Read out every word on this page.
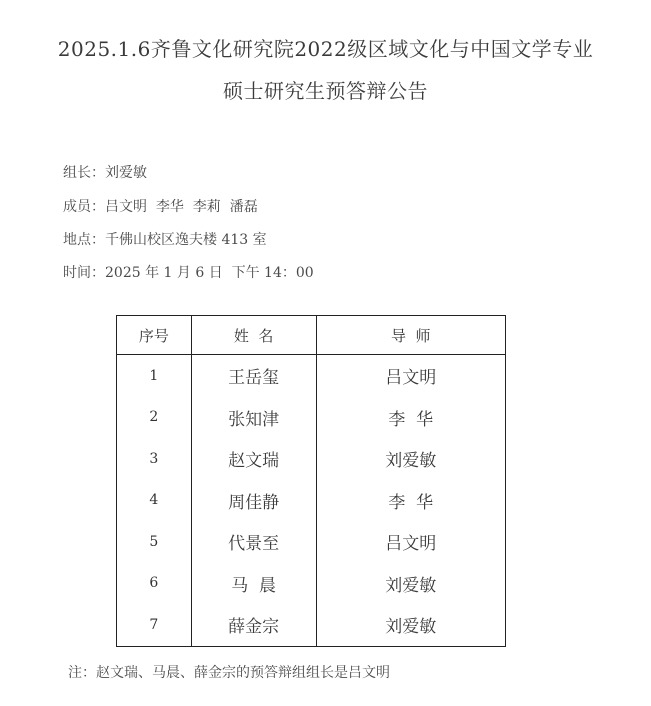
2025.1.6齐鲁文化研究院2022级区域文化与中国文学专业
硕士研究生预答辩公告
组长：刘爱敏
成员：吕文明  李华  李莉  潘磊
地点：千佛山校区逸夫楼 413 室
时间：2025 年 1 月 6 日  下午 14：00
序号	姓  名	导  师
1	王岳玺	吕文明
2	张知津	李  华
3	赵文瑞	刘爱敏
4	周佳静	李  华
5	代景至	吕文明
6	马  晨	刘爱敏
7	薛金宗	刘爱敏
注：赵文瑞、马晨、薛金宗的预答辩组组长是吕文明
